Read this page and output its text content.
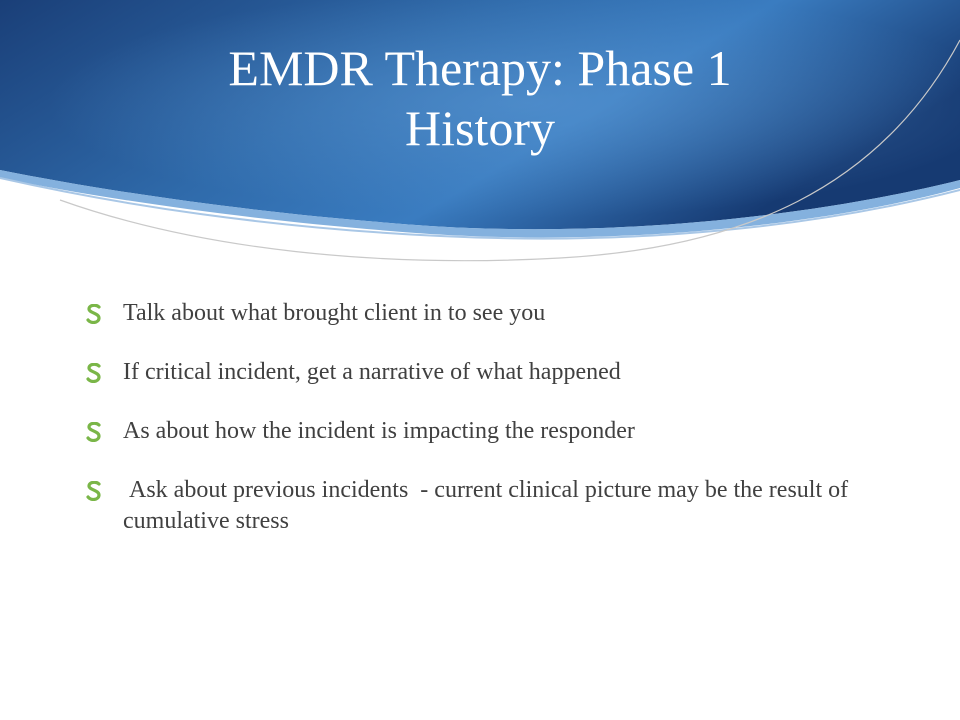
EMDR Therapy: Phase 1
History
Talk about what brought client in to see you
If critical incident, get a narrative of what happened
As about how the incident is impacting the responder
Ask about previous incidents  - current clinical picture may be the result of cumulative stress
